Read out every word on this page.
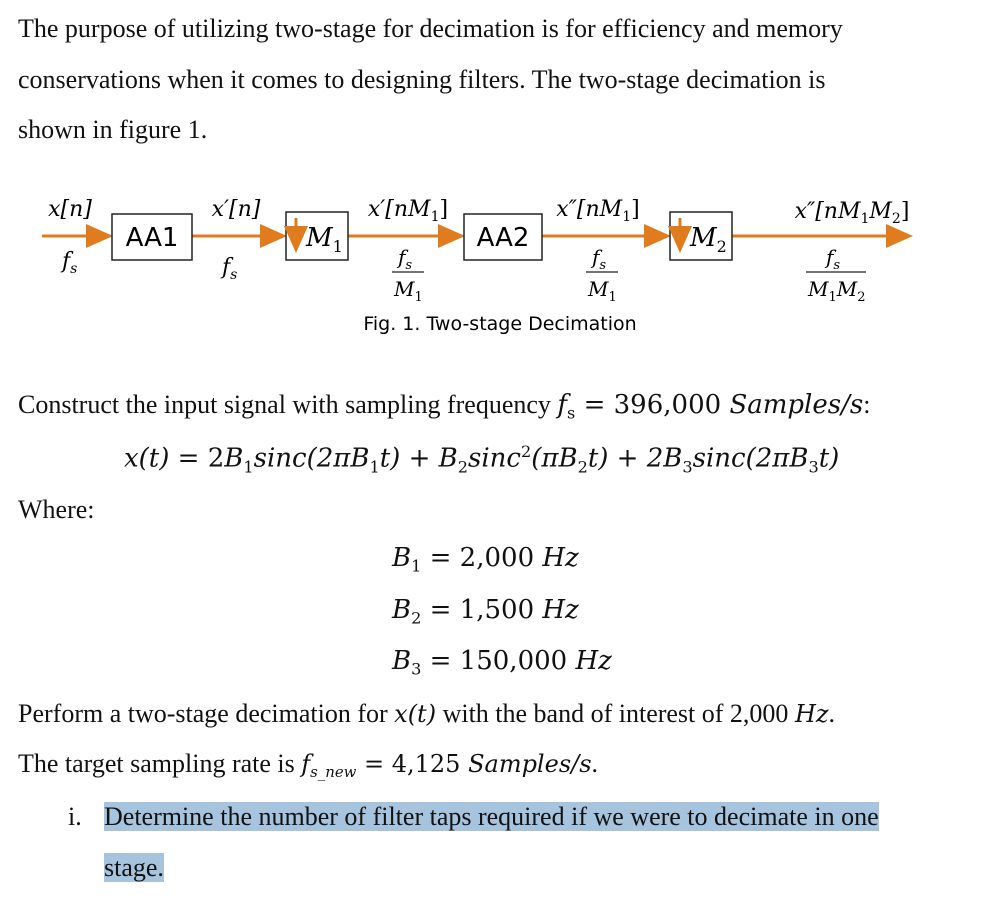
The purpose of utilizing two-stage for decimation is for efficiency and memory
conservations when it comes to designing filters. The two-stage decimation is
shown in figure 1.
AA1	$M_1$	AA2	$M_2$
x[n]	x′[n]	$x'[nM_1]$	$x''[nM_1]$	$x''[nM_1M_2]$
$f_s$	$f_s$
$f_s$
$M_1$
$f_s$
$M_1$
$f_s$
$M_1M_2$
Fig. 1. Two-stage Decimation
Construct the input signal with sampling frequency $f_s = 396,000$ Samples/s:
$x(t) = 2B_1\sin c(2\pi B_1t) + B_2\sin c^2(\pi B_2t) + 2B_3\sin c(2\pi B_3t)$
Where:
$B_1 = 2,000$ Hz
$B_2 = 1,500$ Hz
$B_3 = 150,000$ Hz
Perform a two-stage decimation for x(t) with the band of interest of 2,000 Hz.
The target sampling rate is $f_{s\_new} = 4,125$ Samples/s.
i. Determine the number of filter taps required if we were to decimate in one
stage.
